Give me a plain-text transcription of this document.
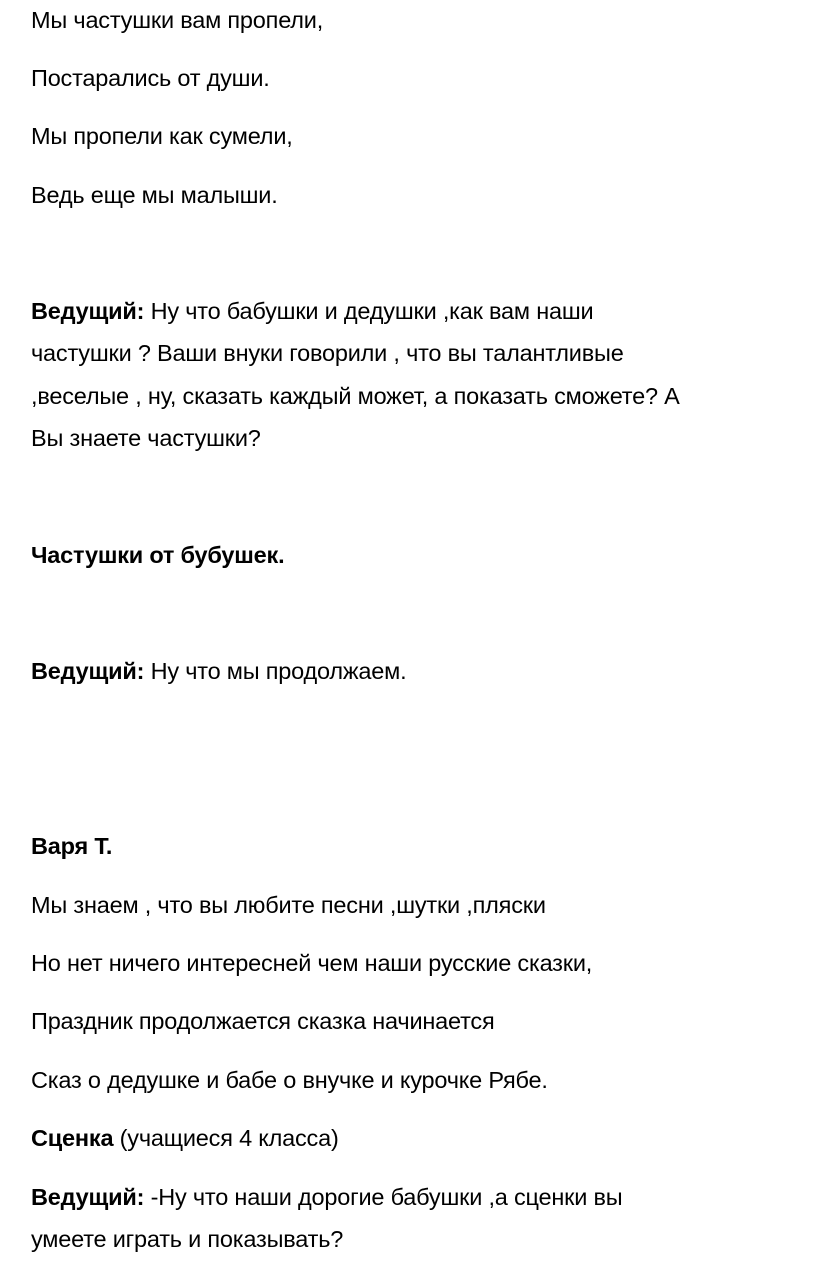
Мы частушки вам пропели,
Постарались от души.
Мы пропели как сумели,
Ведь еще мы малыши.
Ведущий: Ну что бабушки и дедушки ,как вам наши
частушки ? Ваши внуки говорили , что вы талантливые
,веселые , ну, сказать каждый может, а показать сможете? А
Вы знаете частушки?
Частушки от бубушек.
Ведущий: Ну что мы продолжаем.
Варя Т.
Мы знаем , что вы любите песни ,шутки ,пляски
Но нет ничего интересней чем наши русские сказки,
Праздник продолжается сказка начинается
Сказ о дедушке и бабе о внучке и курочке Рябе.
Сценка (учащиеся 4 класса)
Ведущий: -Ну что наши дорогие бабушки ,а сценки вы
умеете играть и показывать?
